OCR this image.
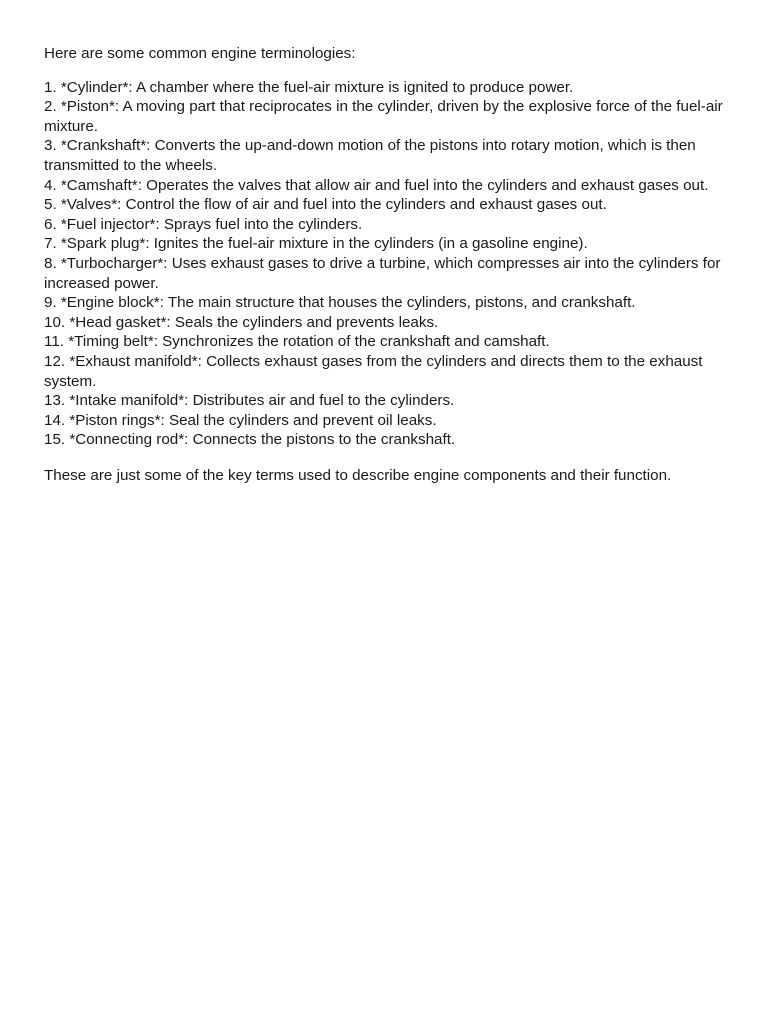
Here are some common engine terminologies:

1. *Cylinder*: A chamber where the fuel-air mixture is ignited to produce power.
2. *Piston*: A moving part that reciprocates in the cylinder, driven by the explosive force of the fuel-air mixture.
3. *Crankshaft*: Converts the up-and-down motion of the pistons into rotary motion, which is then transmitted to the wheels.
4. *Camshaft*: Operates the valves that allow air and fuel into the cylinders and exhaust gases out.
5. *Valves*: Control the flow of air and fuel into the cylinders and exhaust gases out.
6. *Fuel injector*: Sprays fuel into the cylinders.
7. *Spark plug*: Ignites the fuel-air mixture in the cylinders (in a gasoline engine).
8. *Turbocharger*: Uses exhaust gases to drive a turbine, which compresses air into the cylinders for increased power.
9. *Engine block*: The main structure that houses the cylinders, pistons, and crankshaft.
10. *Head gasket*: Seals the cylinders and prevents leaks.
11. *Timing belt*: Synchronizes the rotation of the crankshaft and camshaft.
12. *Exhaust manifold*: Collects exhaust gases from the cylinders and directs them to the exhaust system.
13. *Intake manifold*: Distributes air and fuel to the cylinders.
14. *Piston rings*: Seal the cylinders and prevent oil leaks.
15. *Connecting rod*: Connects the pistons to the crankshaft.

These are just some of the key terms used to describe engine components and their function.
